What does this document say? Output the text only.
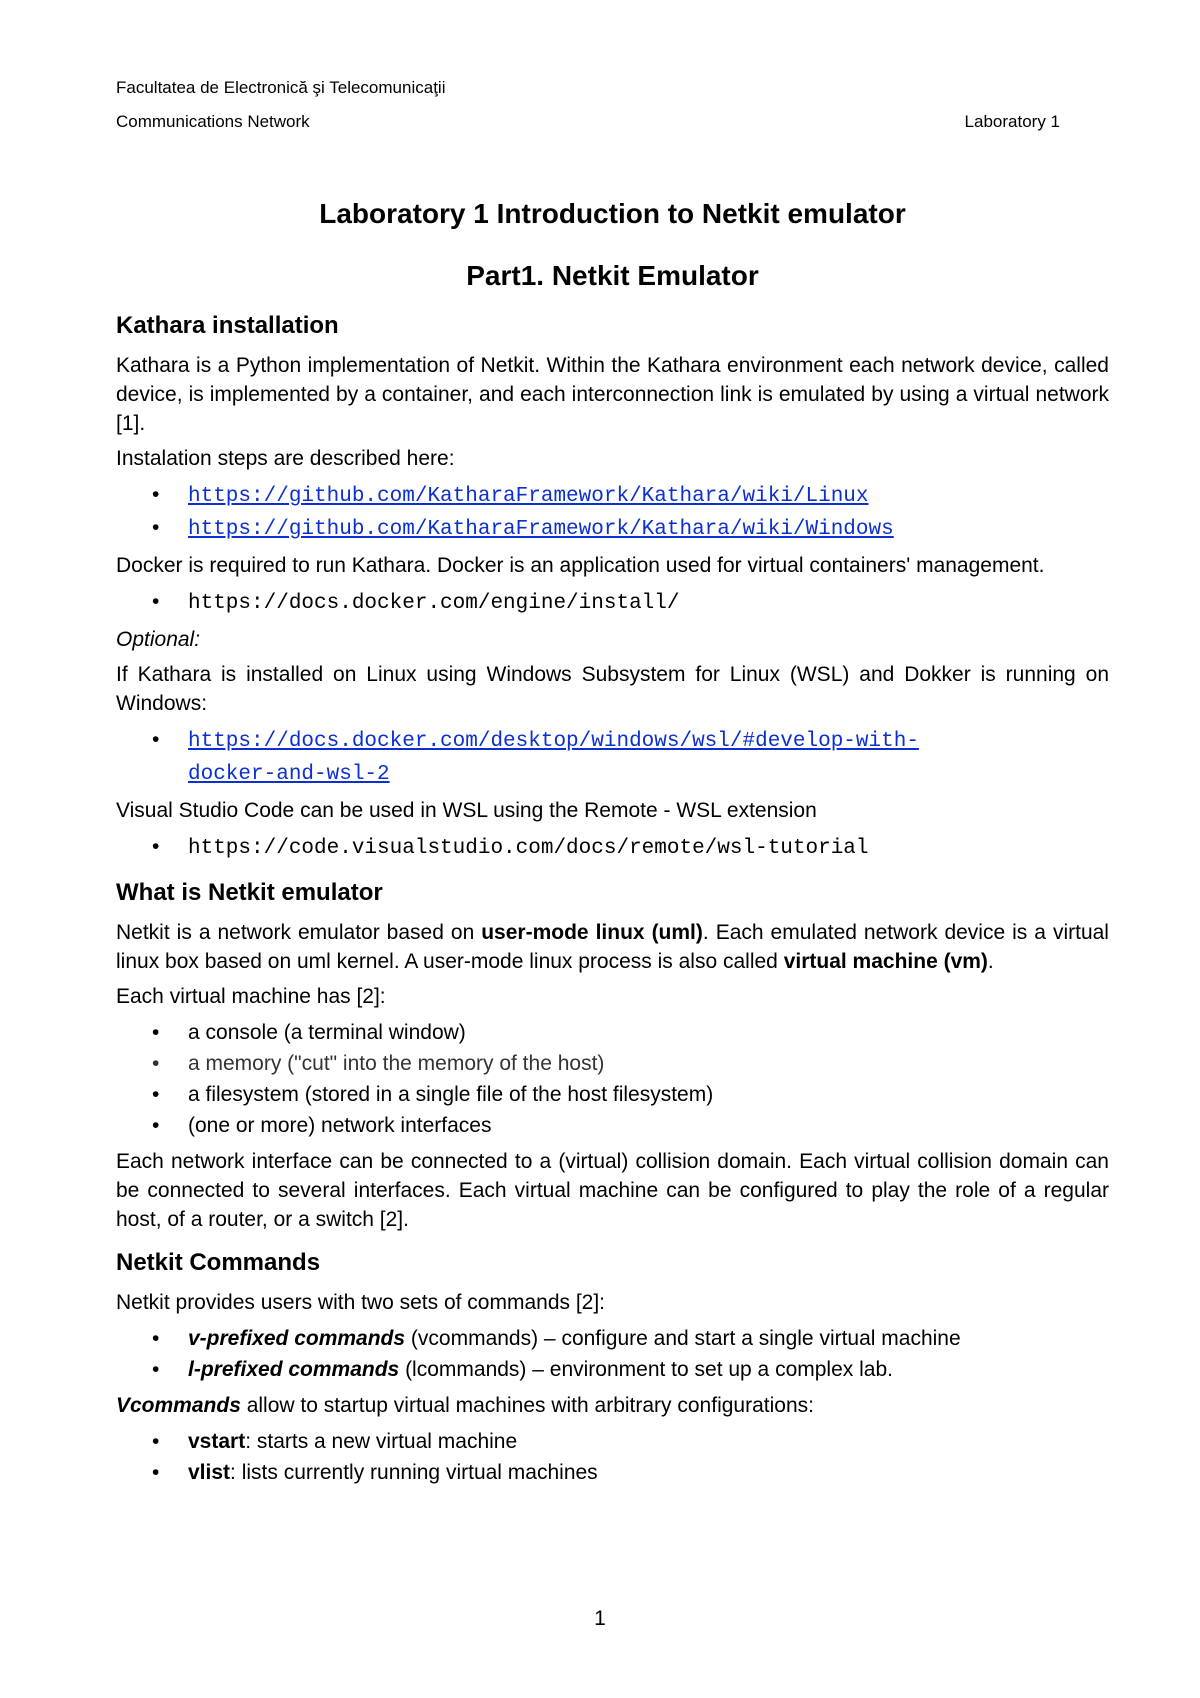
Facultatea de Electronică şi Telecomunicaţii
Communications Network	Laboratory 1
Laboratory 1 Introduction to Netkit emulator
Part1. Netkit Emulator
Kathara installation

Kathara is a Python implementation of Netkit. Within the Kathara environment each network device, called device, is implemented by a container, and each interconnection link is emulated by using a virtual network [1].

Instalation steps are described here:

• https://github.com/KatharaFramework/Kathara/wiki/Linux
• https://github.com/KatharaFramework/Kathara/wiki/Windows

Docker is required to run Kathara. Docker is an application used for virtual containers' management.

• https://docs.docker.com/engine/install/

Optional:

If Kathara is installed on Linux using Windows Subsystem for Linux (WSL) and Dokker is running on Windows:

• https://docs.docker.com/desktop/windows/wsl/#develop-with-
docker-and-wsl-2

Visual Studio Code can be used in WSL using the Remote - WSL extension

• https://code.visualstudio.com/docs/remote/wsl-tutorial
What is Netkit emulator

Netkit is a network emulator based on user-mode linux (uml). Each emulated network device is a virtual linux box based on uml kernel. A user-mode linux process is also called virtual machine (vm).

Each virtual machine has [2]:

• a console (a terminal window)
• a memory ("cut" into the memory of the host)
• a filesystem (stored in a single file of the host filesystem)
• (one or more) network interfaces

Each network interface can be connected to a (virtual) collision domain. Each virtual collision domain can be connected to several interfaces. Each virtual machine can be configured to play the role of a regular host, of a router, or a switch [2].

Netkit Commands

Netkit provides users with two sets of commands [2]:

• v-prefixed commands (vcommands) – configure and start a single virtual machine
• l-prefixed commands (lcommands) – environment to set up a complex lab.

Vcommands allow to startup virtual machines with arbitrary configurations:

• vstart: starts a new virtual machine
• vlist: lists currently running virtual machines
1
